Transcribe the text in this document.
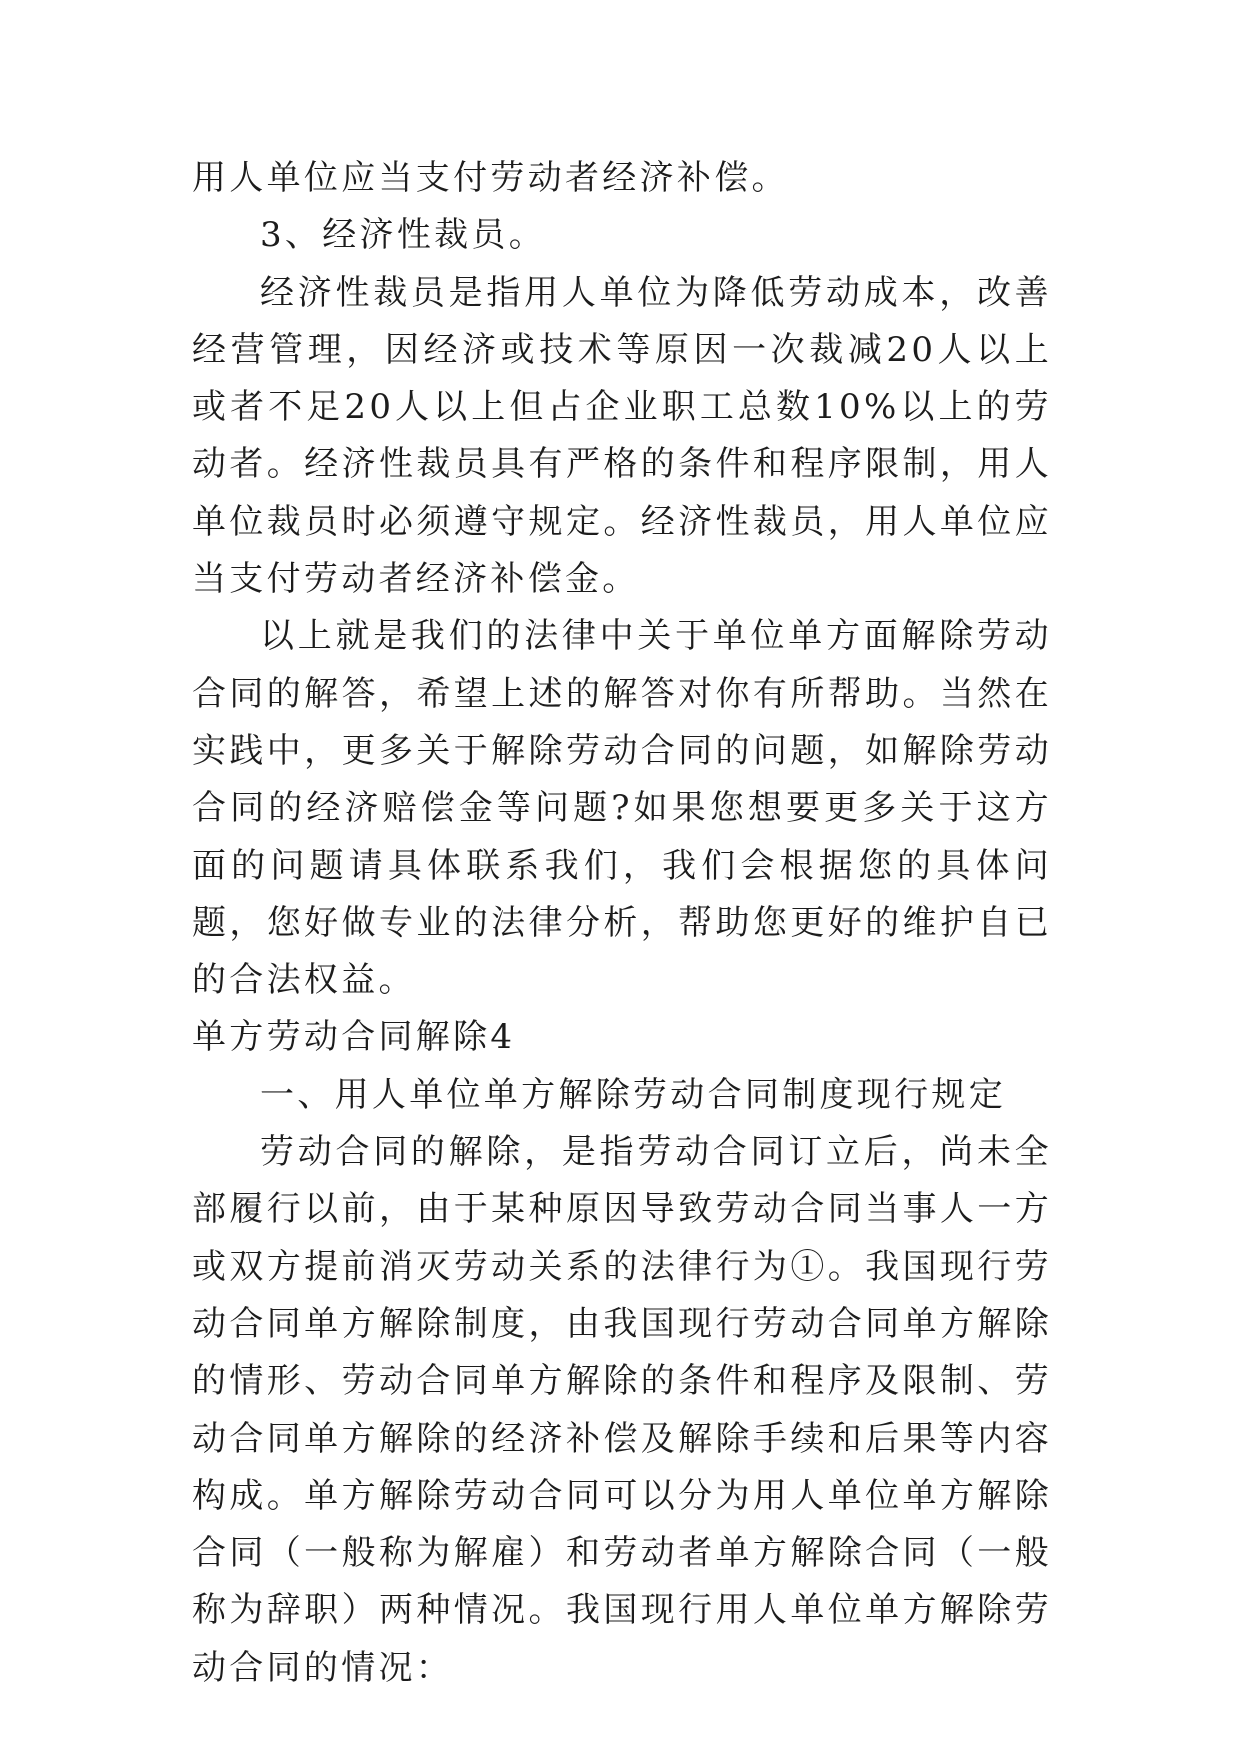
用人单位应当支付劳动者经济补偿。

3、经济性裁员。

经济性裁员是指用人单位为降低劳动成本，改善经营管理，因经济或技术等原因一次裁减20人以上或者不足20人以上但占企业职工总数10%以上的劳动者。经济性裁员具有严格的条件和程序限制，用人单位裁员时必须遵守规定。经济性裁员，用人单位应当支付劳动者经济补偿金。

以上就是我们的法律中关于单位单方面解除劳动合同的解答，希望上述的解答对你有所帮助。当然在实践中，更多关于解除劳动合同的问题，如解除劳动合同的经济赔偿金等问题?如果您想要更多关于这方面的问题请具体联系我们，我们会根据您的具体问题，您好做专业的法律分析，帮助您更好的维护自已的合法权益。

单方劳动合同解除4

一、用人单位单方解除劳动合同制度现行规定

劳动合同的解除，是指劳动合同订立后，尚未全部履行以前，由于某种原因导致劳动合同当事人一方或双方提前消灭劳动关系的法律行为①。我国现行劳动合同单方解除制度，由我国现行劳动合同单方解除的情形、劳动合同单方解除的条件和程序及限制、劳动合同单方解除的经济补偿及解除手续和后果等内容构成。单方解除劳动合同可以分为用人单位单方解除合同（一般称为解雇）和劳动者单方解除合同（一般称为辞职）两种情况。我国现行用人单位单方解除劳动合同的情况：
